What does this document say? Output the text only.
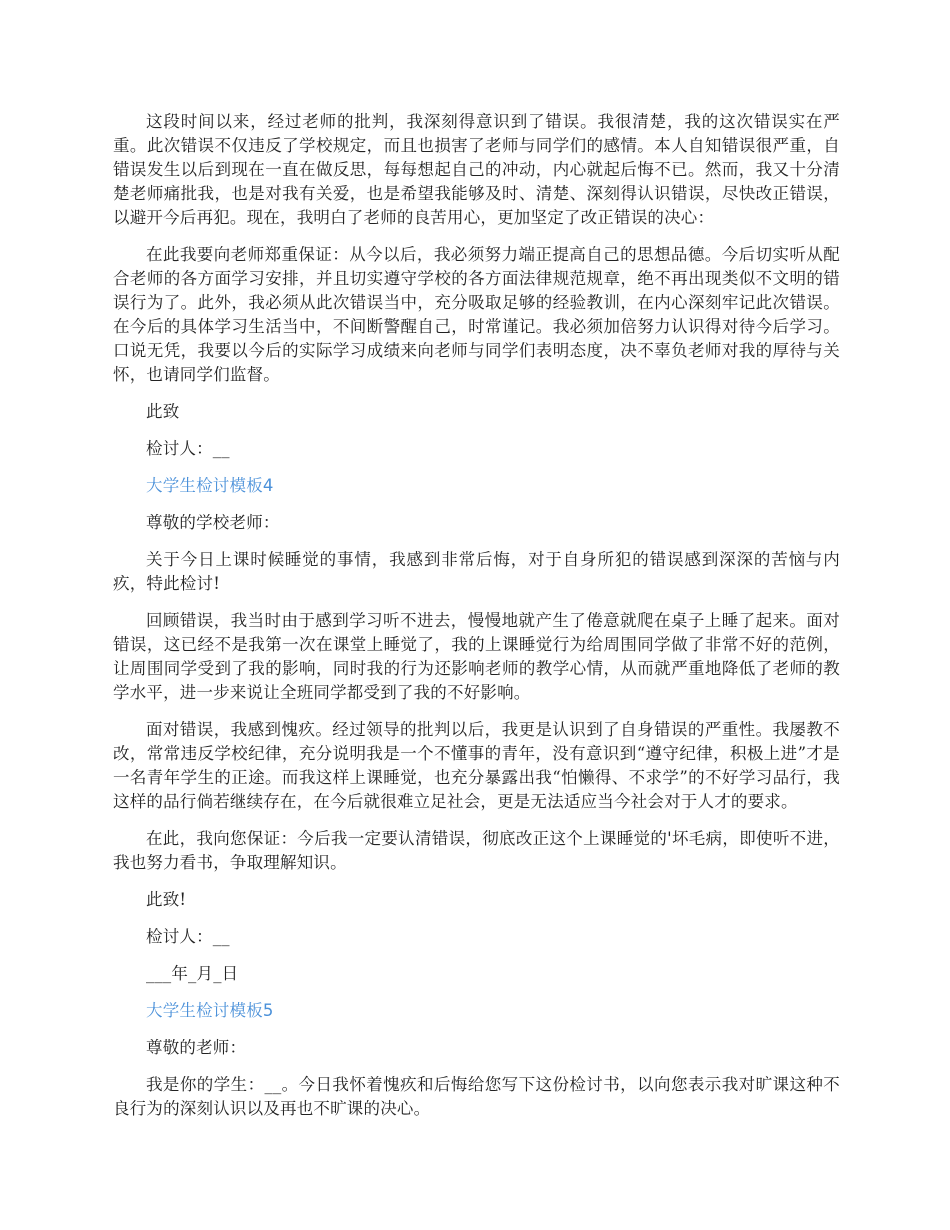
这段时间以来，经过老师的批判，我深刻得意识到了错误。我很清楚，我的这次错误实在严重。此次错误不仅违反了学校规定，而且也损害了老师与同学们的感情。本人自知错误很严重，自错误发生以后到现在一直在做反思，每每想起自己的冲动，内心就起后悔不已。然而，我又十分清楚老师痛批我，也是对我有关爱，也是希望我能够及时、清楚、深刻得认识错误，尽快改正错误，以避开今后再犯。现在，我明白了老师的良苦用心，更加坚定了改正错误的决心：

在此我要向老师郑重保证：从今以后，我必须努力端正提高自己的思想品德。今后切实听从配合老师的各方面学习安排，并且切实遵守学校的各方面法律规范规章，绝不再出现类似不文明的错误行为了。此外，我必须从此次错误当中，充分吸取足够的经验教训，在内心深刻牢记此次错误。在今后的具体学习生活当中，不间断警醒自己，时常谨记。我必须加倍努力认识得对待今后学习。口说无凭，我要以今后的实际学习成绩来向老师与同学们表明态度，决不辜负老师对我的厚待与关怀，也请同学们监督。

此致

检讨人：__

大学生检讨模板4

尊敬的学校老师：

关于今日上课时候睡觉的事情，我感到非常后悔，对于自身所犯的错误感到深深的苦恼与内疚，特此检讨!

回顾错误，我当时由于感到学习听不进去，慢慢地就产生了倦意就爬在桌子上睡了起来。面对错误，这已经不是我第一次在课堂上睡觉了，我的上课睡觉行为给周围同学做了非常不好的范例，让周围同学受到了我的影响，同时我的行为还影响老师的教学心情，从而就严重地降低了老师的教学水平，进一步来说让全班同学都受到了我的不好影响。

面对错误，我感到愧疚。经过领导的批判以后，我更是认识到了自身错误的严重性。我屡教不改，常常违反学校纪律，充分说明我是一个不懂事的青年，没有意识到“遵守纪律，积极上进”才是一名青年学生的正途。而我这样上课睡觉，也充分暴露出我“怕懒得、不求学”的不好学习品行，我这样的品行倘若继续存在，在今后就很难立足社会，更是无法适应当今社会对于人才的要求。

在此，我向您保证：今后我一定要认清错误，彻底改正这个上课睡觉的'坏毛病，即使听不进，我也努力看书，争取理解知识。

此致!

检讨人：__

___年_月_日

大学生检讨模板5

尊敬的老师：

我是你的学生：__。今日我怀着愧疚和后悔给您写下这份检讨书，以向您表示我对旷课这种不良行为的深刻认识以及再也不旷课的决心。
